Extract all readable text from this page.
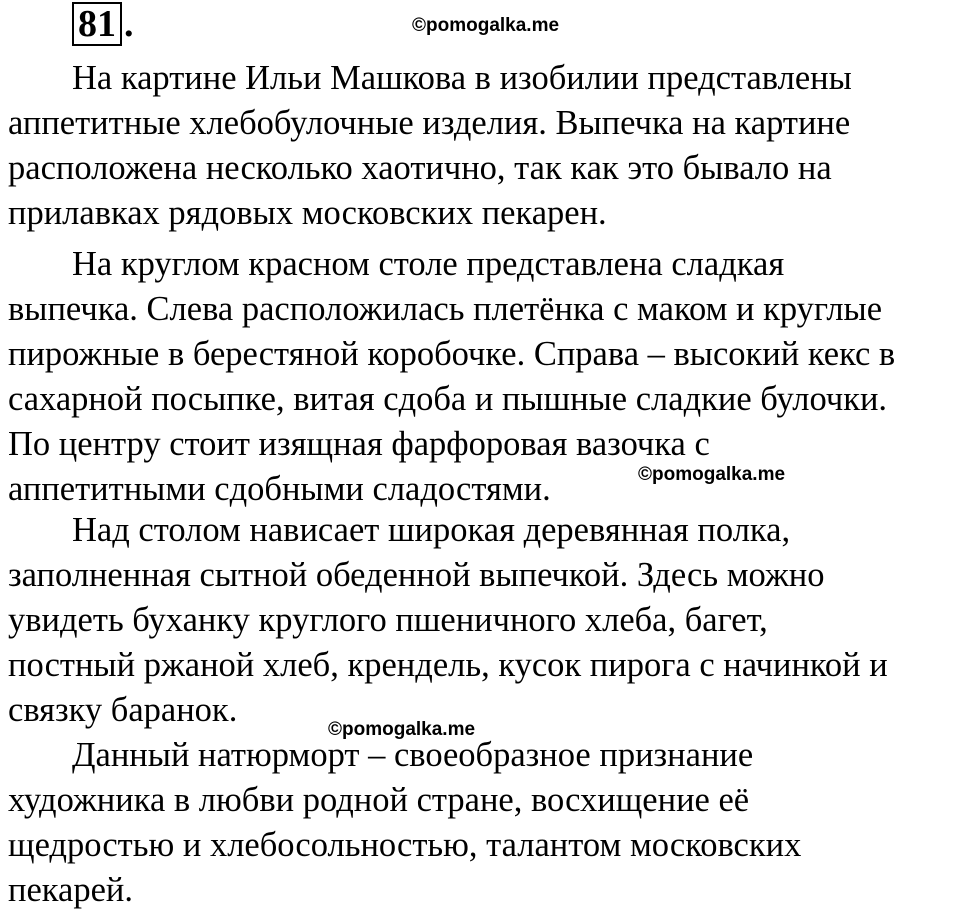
81 .	©pomogalka.me
©pomogalka.me
©pomogalka.me
На картине Ильи Машкова в изобилии представлены
аппетитные хлебобулочные изделия. Выпечка на картине
расположена несколько хаотично, так как это бывало на
прилавках рядовых московских пекарен.
На круглом красном столе представлена сладкая
выпечка. Слева расположилась плетёнка с маком и круглые
пирожные в берестяной коробочке. Справа – высокий кекс в
сахарной посыпке, витая сдоба и пышные сладкие булочки.
По центру стоит изящная фарфоровая вазочка с
аппетитными сдобными сладостями.
Над столом нависает широкая деревянная полка,
заполненная сытной обеденной выпечкой. Здесь можно
увидеть буханку круглого пшеничного хлеба, багет,
постный ржаной хлеб, крендель, кусок пирога с начинкой и
связку баранок.
Данный натюрморт – своеобразное признание
художника в любви родной стране, восхищение её
щедростью и хлебосольностью, талантом московских
пекарей.
